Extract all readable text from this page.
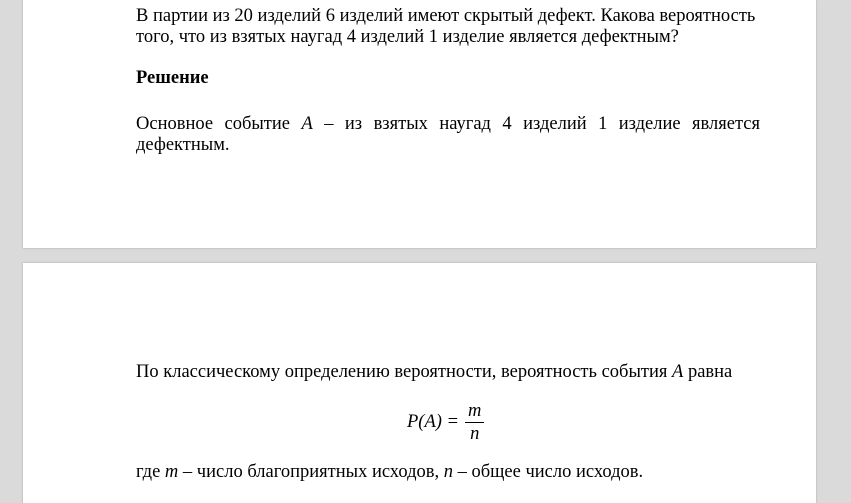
В партии из 20 изделий 6 изделий имеют скрытый дефект. Какова вероятность того, что из взятых наугад 4 изделий 1 изделие является дефектным?
Решение
Основное событие A – из взятых наугад 4 изделий 1 изделие является дефектным.
По классическому определению вероятности, вероятность события A равна
$P(A) = \frac{m}{n}$
где m – число благоприятных исходов, n – общее число исходов.
